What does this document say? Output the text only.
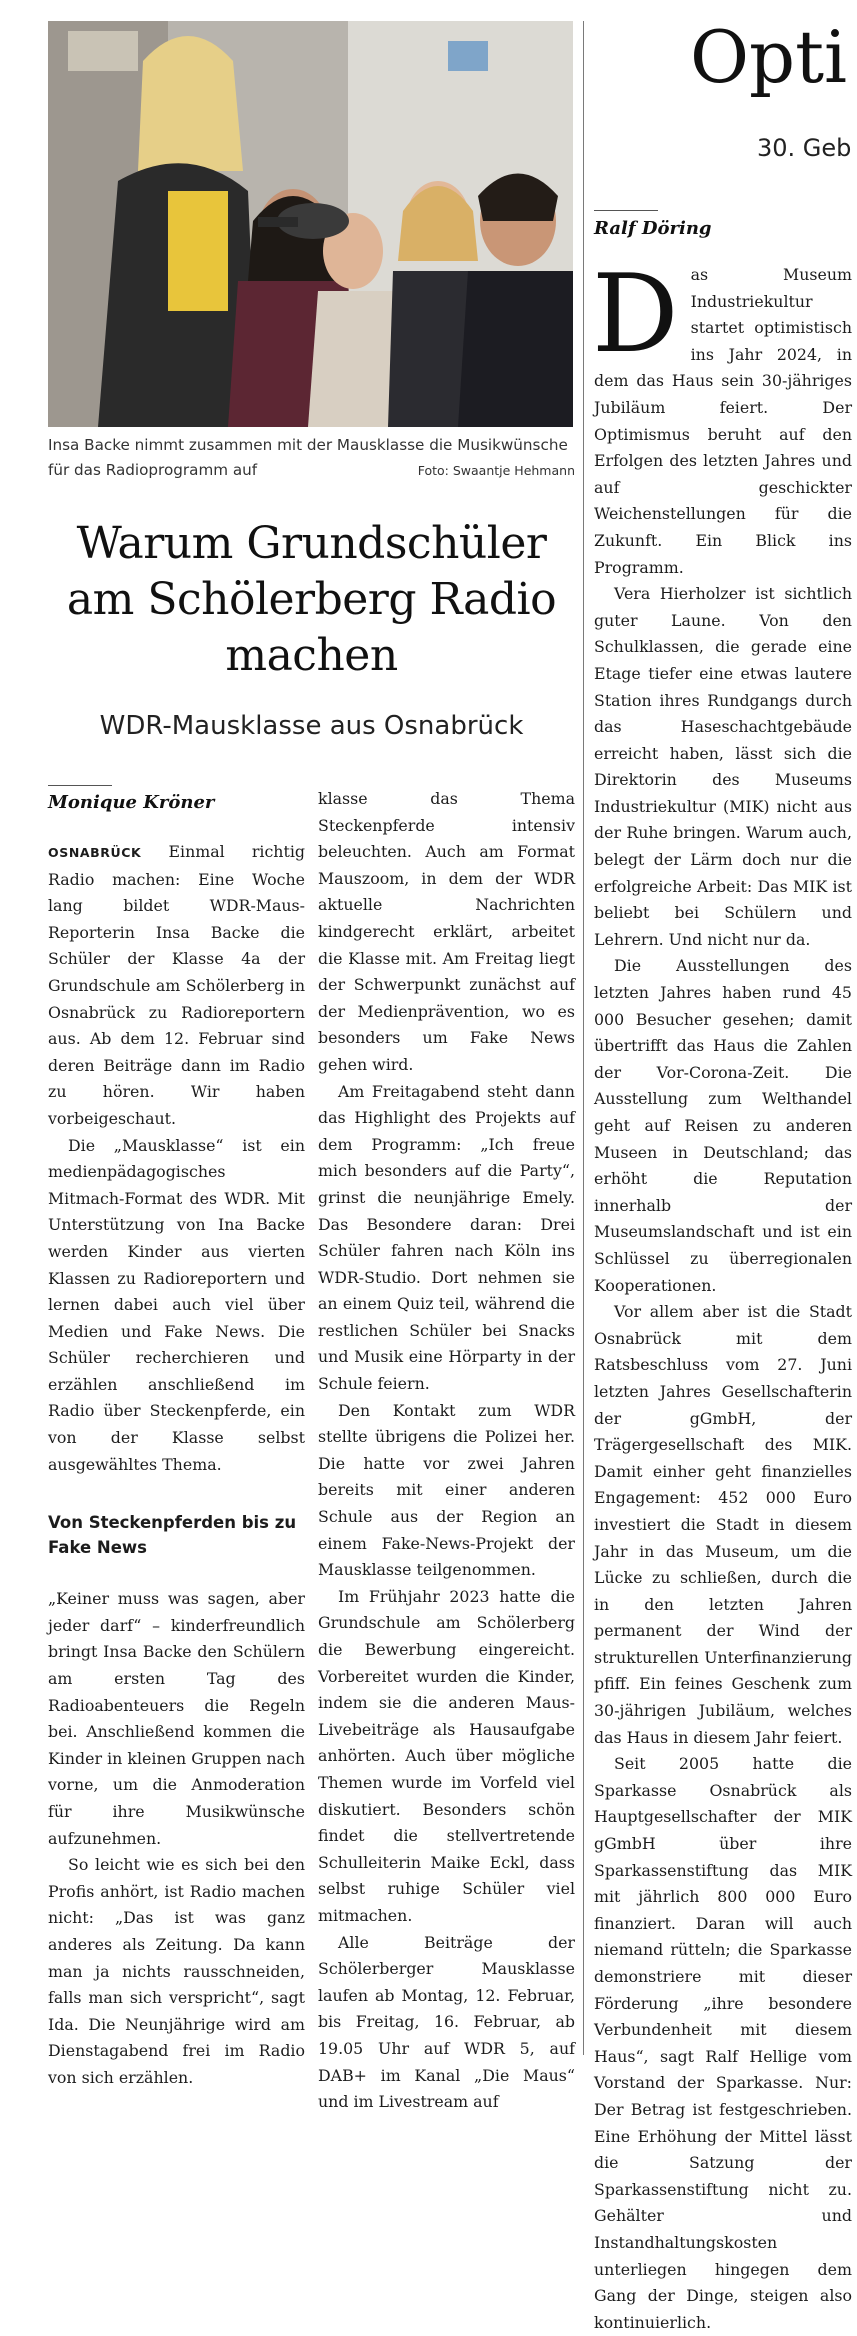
Insa Backe nimmt zusammen mit der Mausklasse die Musikwünsche für das Radioprogramm auf	Foto: Swaantje Hehmann
Warum Grundschüler am Schölerberg Radio machen
WDR-Mausklasse aus Osnabrück
Monique Kröner

OSNABRÜCK Einmal richtig Radio machen: Eine Woche lang bildet WDR-Maus-Reporterin Insa Backe die Schüler der Klasse 4a der Grundschule am Schölerberg in Osnabrück zu Radioreportern aus. Ab dem 12. Februar sind deren Beiträge dann im Radio zu hören. Wir haben vorbeigeschaut.

Die „Mausklasse“ ist ein medienpädagogisches Mitmach-Format des WDR. Mit Unterstützung von Ina Backe werden Kinder aus vierten Klassen zu Radioreportern und lernen dabei auch viel über Medien und Fake News. Die Schüler recherchieren und erzählen anschließend im Radio über Steckenpferde, ein von der Klasse selbst ausgewähltes Thema.

Von Steckenpferden bis zu Fake News

„Keiner muss was sagen, aber jeder darf“ – kinderfreundlich bringt Insa Backe den Schülern am ersten Tag des Radioabenteuers die Regeln bei. Anschließend kommen die Kinder in kleinen Gruppen nach vorne, um die Anmoderation für ihre Musikwünsche aufzunehmen.

So leicht wie es sich bei den Profis anhört, ist Radio machen nicht: „Das ist was ganz anderes als Zeitung. Da kann man ja nichts rausschneiden, falls man sich verspricht“, sagt Ida. Die Neunjährige wird am Dienstagabend frei im Radio von sich erzählen.

klasse das Thema Steckenpferde intensiv beleuchten. Auch am Format Mauszoom, in dem der WDR aktuelle Nachrichten kindgerecht erklärt, arbeitet die Klasse mit. Am Freitag liegt der Schwerpunkt zunächst auf der Medienprävention, wo es besonders um Fake News gehen wird.

Am Freitagabend steht dann das Highlight des Projekts auf dem Programm: „Ich freue mich besonders auf die Party“, grinst die neunjährige Emely. Das Besondere daran: Drei Schüler fahren nach Köln ins WDR-Studio. Dort nehmen sie an einem Quiz teil, während die restlichen Schüler bei Snacks und Musik eine Hörparty in der Schule feiern.

Den Kontakt zum WDR stellte übrigens die Polizei her. Die hatte vor zwei Jahren bereits mit einer anderen Schule aus der Region an einem Fake-News-Projekt der Mausklasse teilgenommen.

Im Frühjahr 2023 hatte die Grundschule am Schölerberg die Bewerbung eingereicht. Vorbereitet wurden die Kinder, indem sie die anderen Maus-Livebeiträge als Hausaufgabe anhörten. Auch über mögliche Themen wurde im Vorfeld viel diskutiert. Besonders schön findet die stellvertretende Schulleiterin Maike Eckl, dass selbst ruhige Schüler viel mitmachen.

Alle Beiträge der Schölerberger Mausklasse laufen ab Montag, 12. Februar, bis Freitag, 16. Februar, ab 19.05 Uhr auf WDR 5, auf DAB+ im Kanal „Die Maus“ und im Livestream auf

Opti
30. Geb
Ralf Döring

Das Museum Industriekultur startet optimistisch ins Jahr 2024, in dem das Haus sein 30-jähriges Jubiläum feiert. Der Optimismus beruht auf den Erfolgen des letzten Jahres und auf geschickter Weichenstellungen für die Zukunft. Ein Blick ins Programm.

Vera Hierholzer ist sichtlich guter Laune. Von den Schulklassen, die gerade eine Etage tiefer eine etwas lautere Station ihres Rundgangs durch das Haseschachtgebäude erreicht haben, lässt sich die Direktorin des Museums Industriekultur (MIK) nicht aus der Ruhe bringen. Warum auch, belegt der Lärm doch nur die erfolgreiche Arbeit: Das MIK ist beliebt bei Schülern und Lehrern. Und nicht nur da.

Die Ausstellungen des letzten Jahres haben rund 45 000 Besucher gesehen; damit übertrifft das Haus die Zahlen der Vor-Corona-Zeit. Die Ausstellung zum Welthandel geht auf Reisen zu anderen Museen in Deutschland; das erhöht die Reputation innerhalb der Museumslandschaft und ist ein Schlüssel zu überregionalen Kooperationen.

Vor allem aber ist die Stadt Osnabrück mit dem Ratsbeschluss vom 27. Juni letzten Jahres Gesellschafterin der gGmbH, der Trägergesellschaft des MIK. Damit einher geht finanzielles Engagement: 452 000 Euro investiert die Stadt in diesem Jahr in das Museum, um die Lücke zu schließen, durch die in den letzten Jahren permanent der Wind der strukturellen Unterfinanzierung pfiff. Ein feines Geschenk zum 30-jährigen Jubiläum, welches das Haus in diesem Jahr feiert.

Seit 2005 hatte die Sparkasse Osnabrück als Hauptgesellschafter der MIK gGmbH über ihre Sparkassenstiftung das MIK mit jährlich 800 000 Euro finanziert. Daran will auch niemand rütteln; die Sparkasse demonstriere mit dieser Förderung „ihre besondere Verbundenheit mit diesem Haus“, sagt Ralf Hellige vom Vorstand der Sparkasse. Nur: Der Betrag ist festgeschrieben. Eine Erhöhung der Mittel lässt die Satzung der Sparkassenstiftung nicht zu. Gehälter und Instandhaltungskosten unterliegen hingegen dem Gang der Dinge, steigen also kontinuierlich.
